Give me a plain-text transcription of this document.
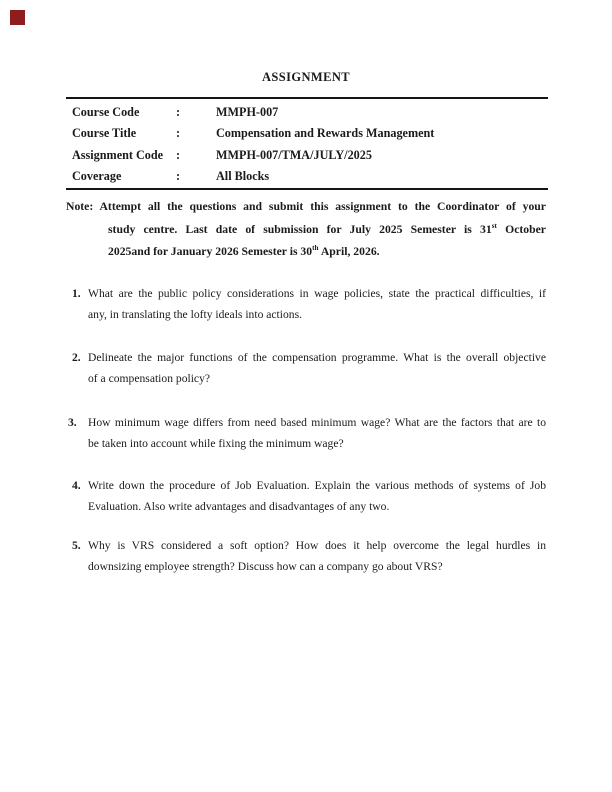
ASSIGNMENT
Course Code	:	MMPH-007
Course Title	:	Compensation and Rewards Management
Assignment Code	:	MMPH-007/TMA/JULY/2025
Coverage	:	All Blocks
Note: Attempt all the questions and submit this assignment to the Coordinator of your
study centre. Last date of submission for July 2025 Semester is 31st October
2025and for January 2026 Semester is 30th April, 2026.
1. What are the public policy considerations in wage policies, state the practical difficulties, if
any, in translating the lofty ideals into actions.
2. Delineate the major functions of the compensation programme. What is the overall objective
of a compensation policy?
3. How minimum wage differs from need based minimum wage? What are the factors that are to
be taken into account while fixing the minimum wage?
4. Write down the procedure of Job Evaluation. Explain the various methods of systems of Job
Evaluation. Also write advantages and disadvantages of any two.
5. Why is VRS considered a soft option? How does it help overcome the legal hurdles in
downsizing employee strength? Discuss how can a company go about VRS?
